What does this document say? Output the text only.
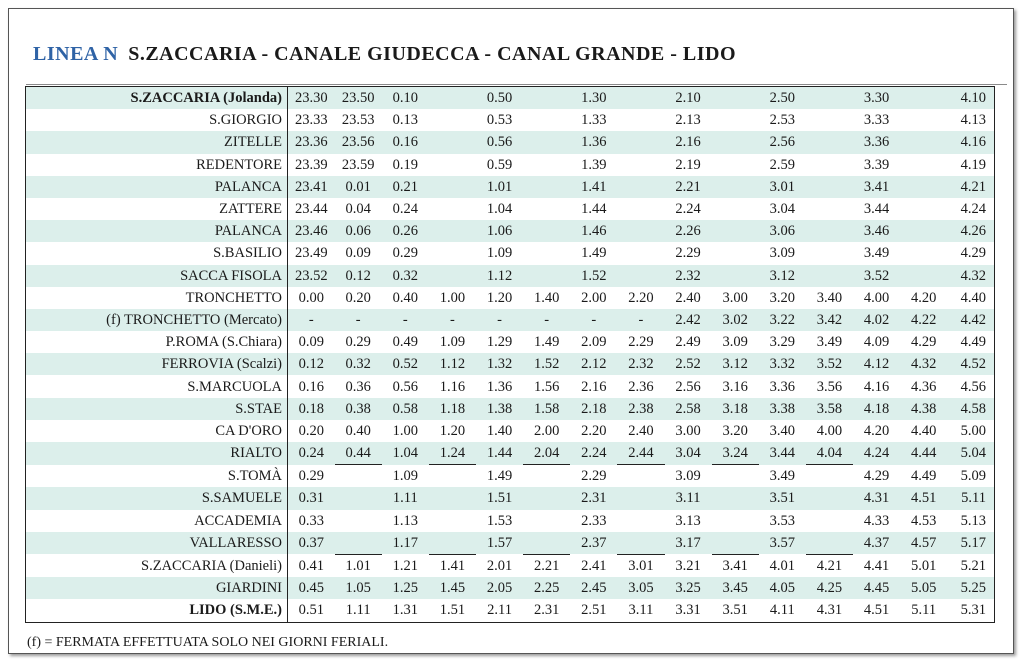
LINEA N S.ZACCARIA - CANALE GIUDECCA - CANAL GRANDE - LIDO
(f) = FERMATA EFFETTUATA SOLO NEI GIORNI FERIALI.
S.ZACCARIA (Jolanda)	23.30	23.50	0.10		0.50		1.30		2.10		2.50		3.30		4.10
S.GIORGIO	23.33	23.53	0.13		0.53		1.33		2.13		2.53		3.33		4.13
ZITELLE	23.36	23.56	0.16		0.56		1.36		2.16		2.56		3.36		4.16
REDENTORE	23.39	23.59	0.19		0.59		1.39		2.19		2.59		3.39		4.19
PALANCA	23.41	0.01	0.21		1.01		1.41		2.21		3.01		3.41		4.21
ZATTERE	23.44	0.04	0.24		1.04		1.44		2.24		3.04		3.44		4.24
PALANCA	23.46	0.06	0.26		1.06		1.46		2.26		3.06		3.46		4.26
S.BASILIO	23.49	0.09	0.29		1.09		1.49		2.29		3.09		3.49		4.29
SACCA FISOLA	23.52	0.12	0.32		1.12		1.52		2.32		3.12		3.52		4.32
TRONCHETTO	0.00	0.20	0.40	1.00	1.20	1.40	2.00	2.20	2.40	3.00	3.20	3.40	4.00	4.20	4.40
(f) TRONCHETTO (Mercato)	-	-	-	-	-	-	-	-	2.42	3.02	3.22	3.42	4.02	4.22	4.42
P.ROMA (S.Chiara)	0.09	0.29	0.49	1.09	1.29	1.49	2.09	2.29	2.49	3.09	3.29	3.49	4.09	4.29	4.49
FERROVIA (Scalzi)	0.12	0.32	0.52	1.12	1.32	1.52	2.12	2.32	2.52	3.12	3.32	3.52	4.12	4.32	4.52
S.MARCUOLA	0.16	0.36	0.56	1.16	1.36	1.56	2.16	2.36	2.56	3.16	3.36	3.56	4.16	4.36	4.56
S.STAE	0.18	0.38	0.58	1.18	1.38	1.58	2.18	2.38	2.58	3.18	3.38	3.58	4.18	4.38	4.58
CA D'ORO	0.20	0.40	1.00	1.20	1.40	2.00	2.20	2.40	3.00	3.20	3.40	4.00	4.20	4.40	5.00
RIALTO	0.24	0.44	1.04	1.24	1.44	2.04	2.24	2.44	3.04	3.24	3.44	4.04	4.24	4.44	5.04
S.TOMÀ	0.29		1.09		1.49		2.29		3.09		3.49		4.29	4.49	5.09
S.SAMUELE	0.31		1.11		1.51		2.31		3.11		3.51		4.31	4.51	5.11
ACCADEMIA	0.33		1.13		1.53		2.33		3.13		3.53		4.33	4.53	5.13
VALLARESSO	0.37		1.17		1.57		2.37		3.17		3.57		4.37	4.57	5.17
S.ZACCARIA (Danieli)	0.41	1.01	1.21	1.41	2.01	2.21	2.41	3.01	3.21	3.41	4.01	4.21	4.41	5.01	5.21
GIARDINI	0.45	1.05	1.25	1.45	2.05	2.25	2.45	3.05	3.25	3.45	4.05	4.25	4.45	5.05	5.25
LIDO (S.M.E.)	0.51	1.11	1.31	1.51	2.11	2.31	2.51	3.11	3.31	3.51	4.11	4.31	4.51	5.11	5.31
